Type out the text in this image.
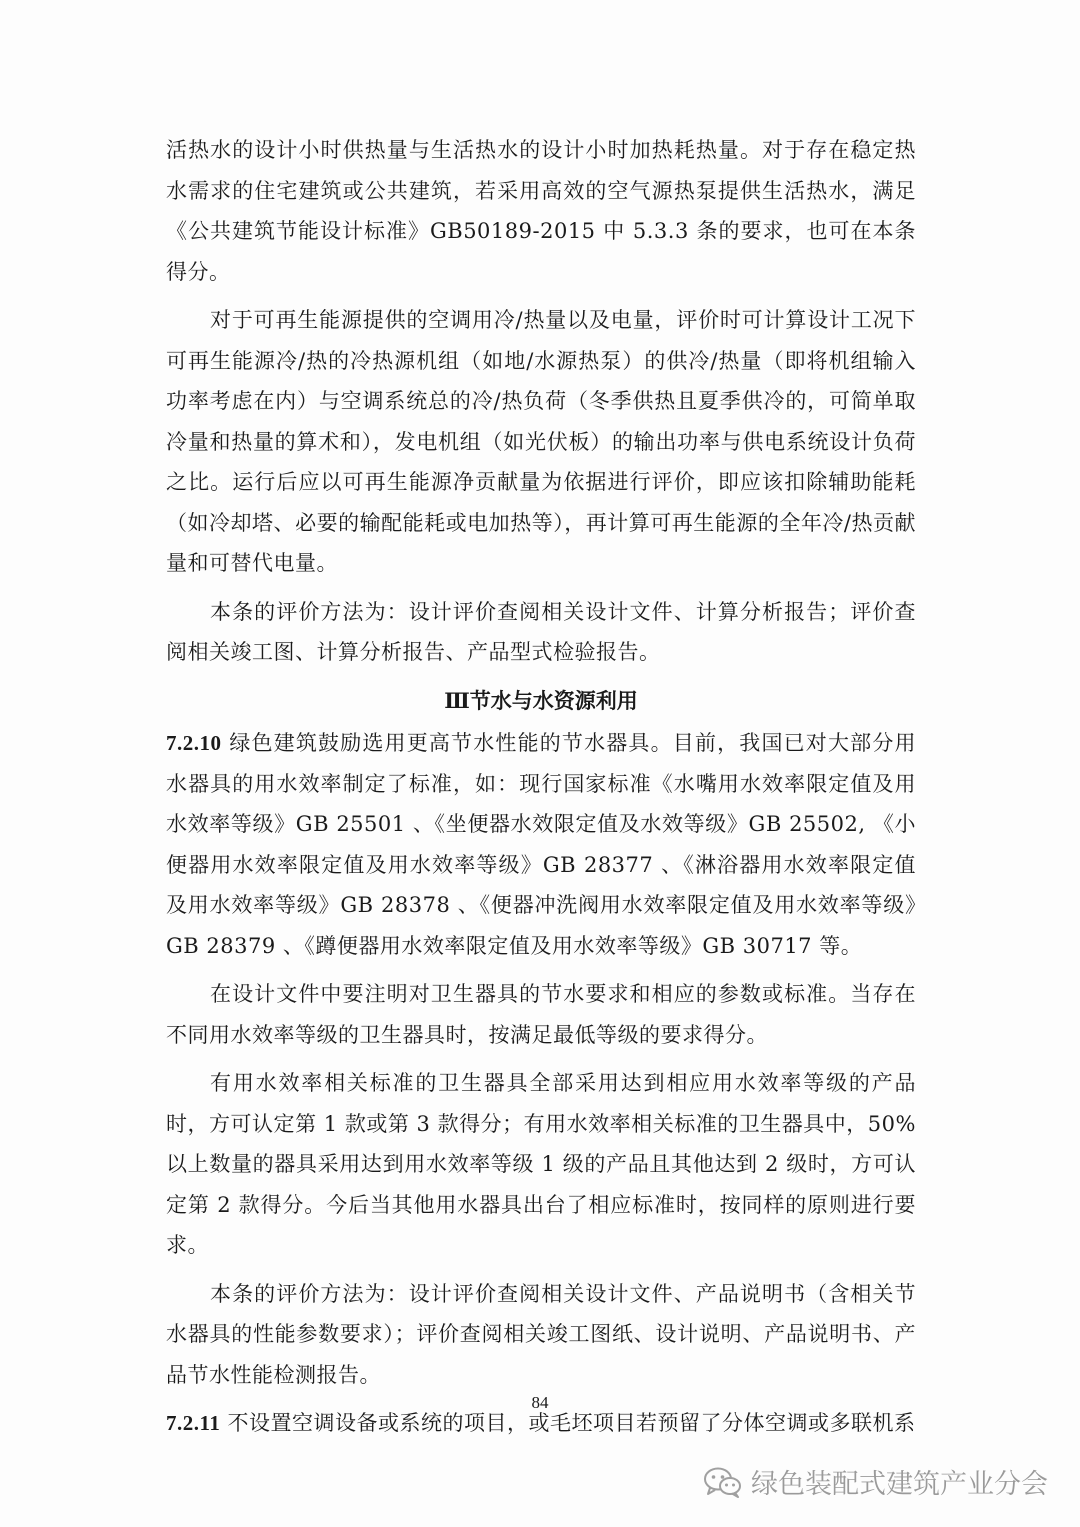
活热水的设计小时供热量与生活热水的设计小时加热耗热量。对于存在稳定热水需求的住宅建筑或公共建筑，若采用高效的空气源热泵提供生活热水，满足《公共建筑节能设计标准》GB50189-2015 中 5.3.3 条的要求，也可在本条得分。

对于可再生能源提供的空调用冷/热量以及电量，评价时可计算设计工况下可再生能源冷/热的冷热源机组（如地/水源热泵）的供冷/热量（即将机组输入功率考虑在内）与空调系统总的冷/热负荷（冬季供热且夏季供冷的，可简单取冷量和热量的算术和），发电机组（如光伏板）的输出功率与供电系统设计负荷之比。运行后应以可再生能源净贡献量为依据进行评价，即应该扣除辅助能耗（如冷却塔、必要的输配能耗或电加热等），再计算可再生能源的全年冷/热贡献量和可替代电量。

本条的评价方法为：设计评价查阅相关设计文件、计算分析报告；评价查阅相关竣工图、计算分析报告、产品型式检验报告。

Ⅲ节水与水资源利用

7.2.10 绿色建筑鼓励选用更高节水性能的节水器具。目前，我国已对大部分用水器具的用水效率制定了标准，如：现行国家标准《水嘴用水效率限定值及用水效率等级》GB 25501 、《坐便器水效限定值及水效等级》GB 25502, 《小便器用水效率限定值及用水效率等级》GB 28377 、《淋浴器用水效率限定值及用水效率等级》GB 28378 、《便器冲洗阀用水效率限定值及用水效率等级》GB 28379 、《蹲便器用水效率限定值及用水效率等级》GB 30717 等。

在设计文件中要注明对卫生器具的节水要求和相应的参数或标准。当存在不同用水效率等级的卫生器具时，按满足最低等级的要求得分。

有用水效率相关标准的卫生器具全部采用达到相应用水效率等级的产品时，方可认定第 1 款或第 3 款得分；有用水效率相关标准的卫生器具中，50% 以上数量的器具采用达到用水效率等级 1 级的产品且其他达到 2 级时，方可认定第 2 款得分。今后当其他用水器具出台了相应标准时，按同样的原则进行要求。

本条的评价方法为：设计评价查阅相关设计文件、产品说明书（含相关节水器具的性能参数要求）；评价查阅相关竣工图纸、设计说明、产品说明书、产品节水性能检测报告。

7.2.11 不设置空调设备或系统的项目，或毛坯项目若预留了分体空调或多联机系

84
绿色装配式建筑产业分会
